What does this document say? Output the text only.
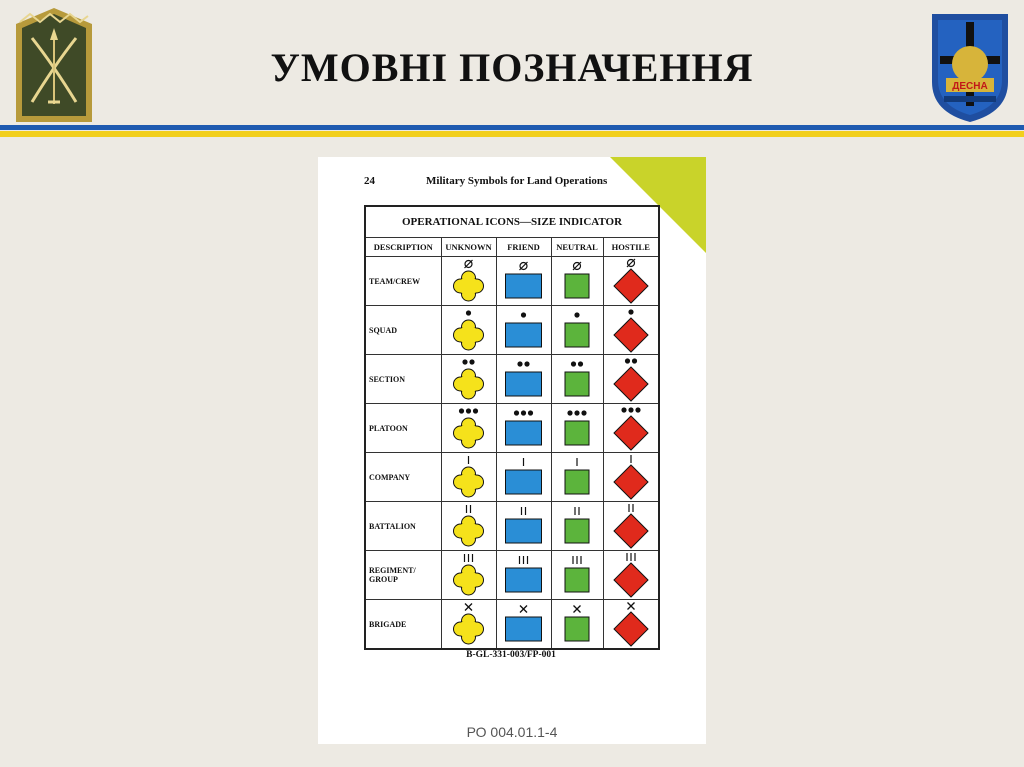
УМОВНІ ПОЗНАЧЕННЯ	ДЕСНА
24	Military Symbols for Land Operations
OPERATIONAL ICONS—SIZE INDICATOR				
DESCRIPTION	UNKNOWN	FRIEND	NEUTRAL	HOSTILE
TEAM/CREW	

SQUAD	

SECTION	

PLATOON	

COMPANY	

BATTALION	

REGIMENT/
GROUP	

BRIGADE	

B-GL-331-003/FP-001
РО 004.01.1-4
